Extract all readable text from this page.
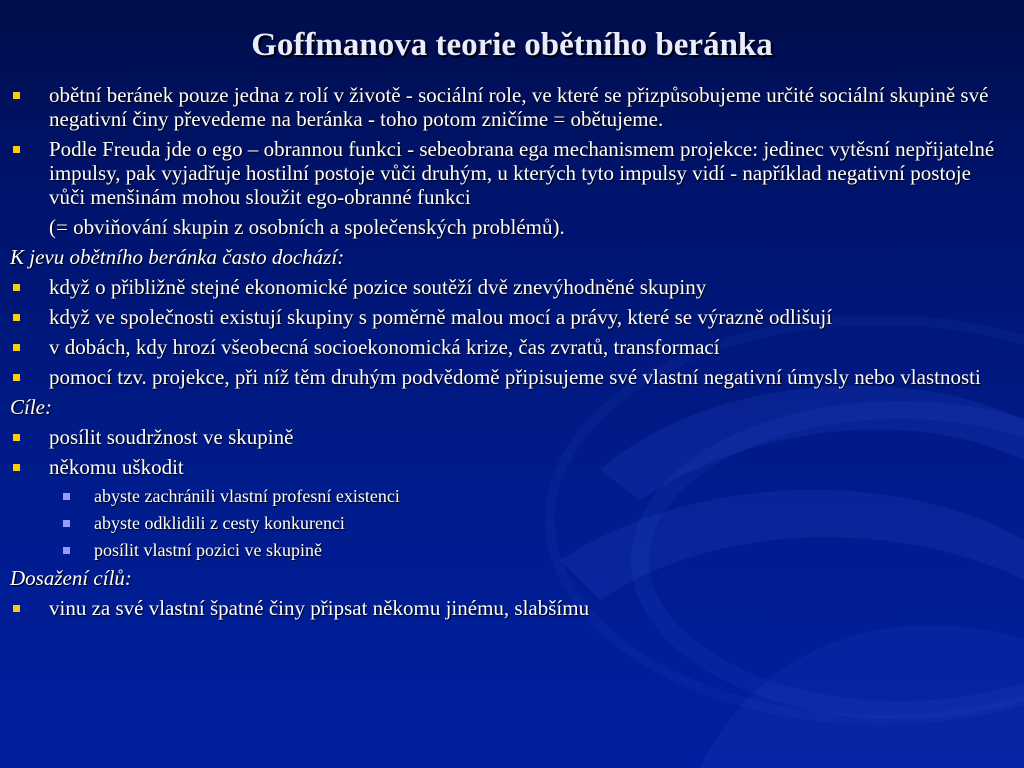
Goffmanova teorie obětního beránka
obětní beránek pouze jedna z rolí v životě - sociální role, ve které se přizpůsobujeme určité sociální skupině své negativní činy převedeme na beránka - toho potom zničíme = obětujeme.
Podle Freuda jde o ego – obrannou funkci - sebeobrana ega mechanismem projekce: jedinec vytěsní nepřijatelné impulsy, pak vyjadřuje hostilní postoje vůči druhým, u kterých tyto impulsy vidí - například negativní postoje vůči menšinám mohou sloužit ego-obranné funkci
(= obviňování skupin z osobních a společenských problémů).
K jevu obětního beránka často dochází:
když o přibližně stejné ekonomické pozice soutěží dvě znevýhodněné skupiny
když ve společnosti existují skupiny s poměrně malou mocí a právy, které se výrazně odlišují
v dobách, kdy hrozí všeobecná socioekonomická krize, čas zvratů, transformací
pomocí tzv. projekce, při níž těm druhým podvědomě připisujeme své vlastní negativní úmysly nebo vlastnosti
Cíle:
posílit soudržnost ve skupině
někomu uškodit
abyste zachránili vlastní profesní existenci
abyste odklidili z cesty konkurenci
posílit vlastní pozici ve skupině
Dosažení cílů:
vinu za své vlastní špatné činy připsat někomu jinému, slabšímu
